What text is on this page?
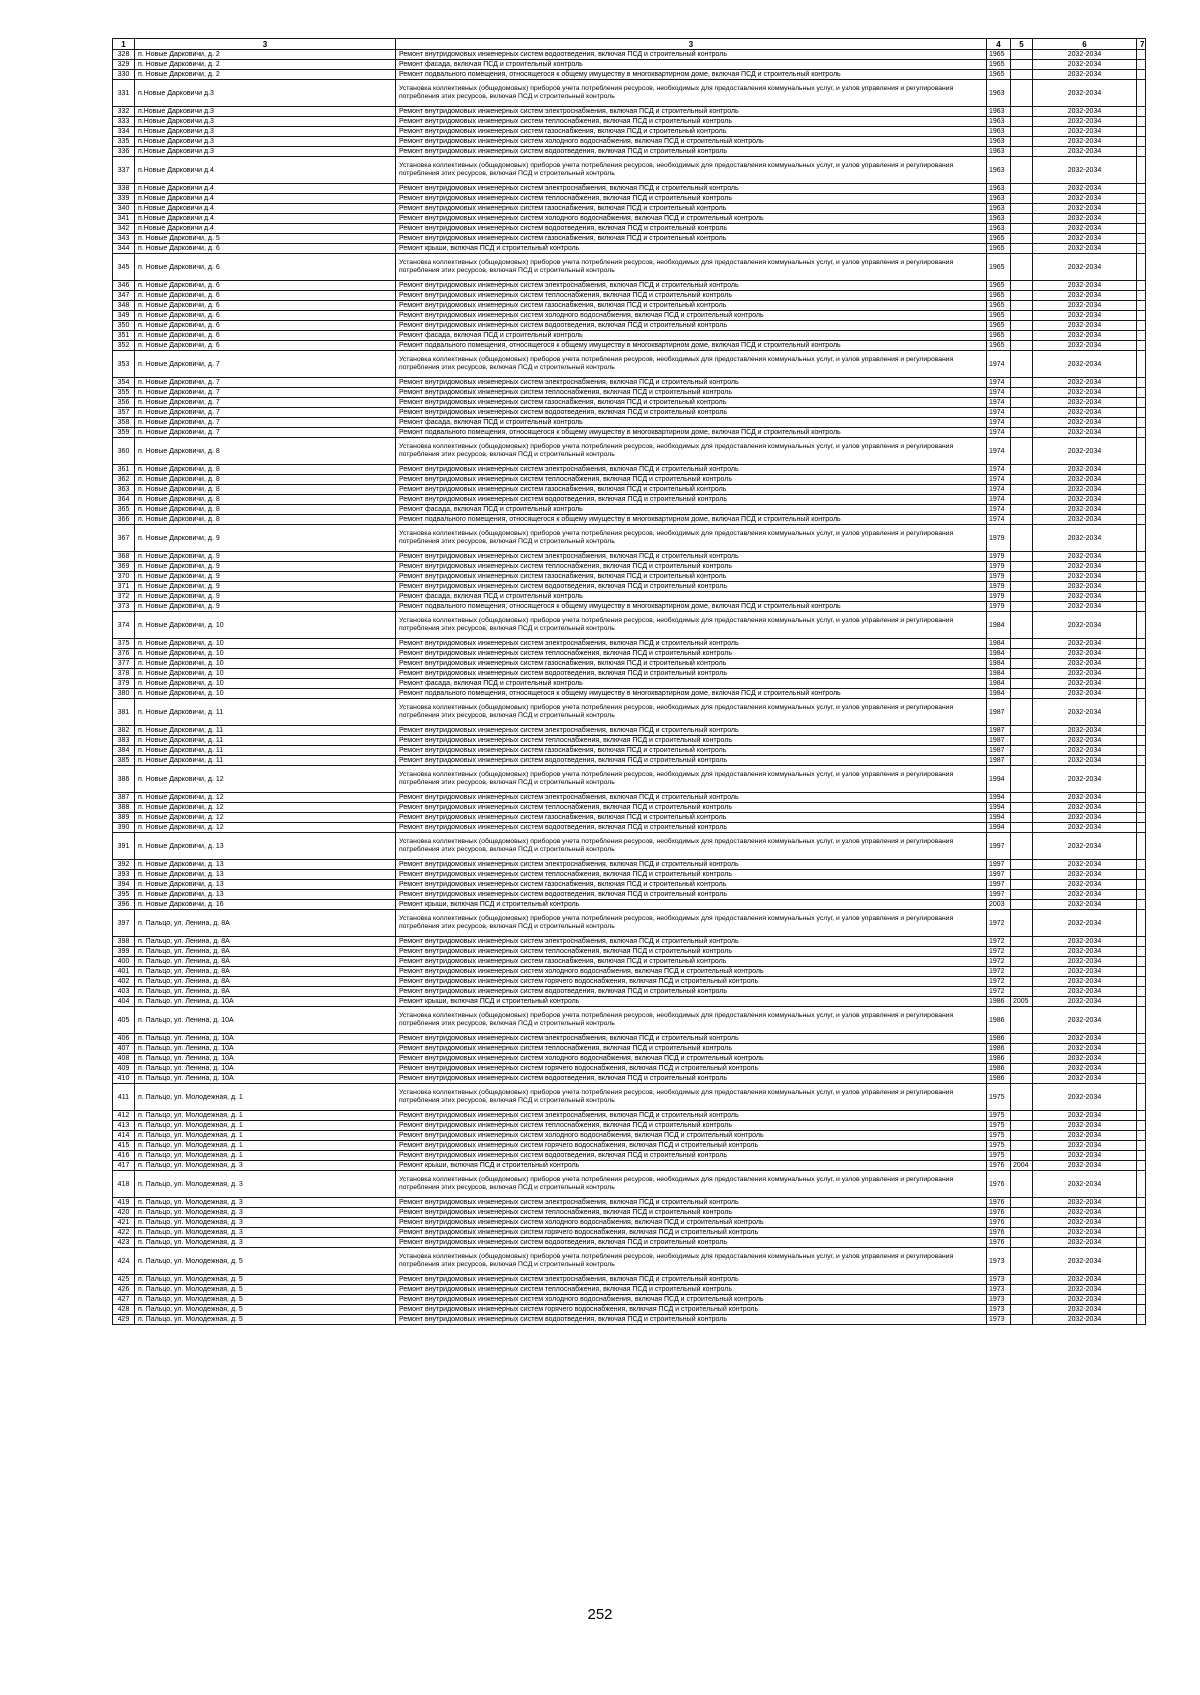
1	3	3	4	5	6	7
328	п. Новые Дарковичи, д. 2	Ремонт внутридомовых инженерных систем водоотведения, включая ПСД и строительный контроль	1965		2032-2034	
329	п. Новые Дарковичи, д. 2	Ремонт фасада, включая ПСД и строительный контроль	1965		2032-2034	
330	п. Новые Дарковичи, д. 2	Ремонт подвального помещения, относящегося к общему имуществу в многоквартирном доме, включая ПСД и строительный контроль	1965		2032-2034	
331	п.Новые Дарковичи д.3	Установка коллективных (общедомовых) приборов учета потребления ресурсов, необходимых для предоставления коммунальных услуг, и узлов управления и регулирования потребления этих ресурсов, включая ПСД и строительный контроль	1963		2032-2034	
332	п.Новые Дарковичи д.3	Ремонт внутридомовых инженерных систем электроснабжения, включая ПСД и строительный контроль	1963		2032-2034	
333	п.Новые Дарковичи д.3	Ремонт внутридомовых инженерных систем теплоснабжения, включая ПСД и строительный контроль	1963		2032-2034	
334	п.Новые Дарковичи д.3	Ремонт внутридомовых инженерных систем газоснабжения, включая ПСД и строительный контроль	1963		2032-2034	
335	п.Новые Дарковичи д.3	Ремонт внутридомовых инженерных систем холодного водоснабжения, включая ПСД и строительный контроль	1963		2032-2034	
336	п.Новые Дарковичи д.3	Ремонт внутридомовых инженерных систем водоотведения, включая ПСД и строительный контроль	1963		2032-2034	
337	п.Новые Дарковичи д.4	Установка коллективных (общедомовых) приборов учета потребления ресурсов, необходимых для предоставления коммунальных услуг, и узлов управления и регулирования потребления этих ресурсов, включая ПСД и строительный контроль	1963		2032-2034	
338	п.Новые Дарковичи д.4	Ремонт внутридомовых инженерных систем электроснабжения, включая ПСД и строительный контроль	1963		2032-2034	
339	п.Новые Дарковичи д.4	Ремонт внутридомовых инженерных систем теплоснабжения, включая ПСД и строительный контроль	1963		2032-2034	
340	п.Новые Дарковичи д.4	Ремонт внутридомовых инженерных систем газоснабжения, включая ПСД и строительный контроль	1963		2032-2034	
341	п.Новые Дарковичи д.4	Ремонт внутридомовых инженерных систем холодного водоснабжения, включая ПСД и строительный контроль	1963		2032-2034	
342	п.Новые Дарковичи д.4	Ремонт внутридомовых инженерных систем водоотведения, включая ПСД и строительный контроль	1963		2032-2034	
343	п. Новые Дарковичи, д. 5	Ремонт внутридомовых инженерных систем газоснабжения, включая ПСД и строительный контроль	1965		2032-2034	
344	п. Новые Дарковичи, д. 6	Ремонт крыши, включая ПСД и строительный контроль	1965		2032-2034	
345	п. Новые Дарковичи, д. 6	Установка коллективных (общедомовых) приборов учета потребления ресурсов, необходимых для предоставления коммунальных услуг, и узлов управления и регулирования потребления этих ресурсов, включая ПСД и строительный контроль	1965		2032-2034	
346	п. Новые Дарковичи, д. 6	Ремонт внутридомовых инженерных систем электроснабжения, включая ПСД и строительный контроль	1965		2032-2034	
347	п. Новые Дарковичи, д. 6	Ремонт внутридомовых инженерных систем теплоснабжения, включая ПСД и строительный контроль	1965		2032-2034	
348	п. Новые Дарковичи, д. 6	Ремонт внутридомовых инженерных систем газоснабжения, включая ПСД и строительный контроль	1965		2032-2034	
349	п. Новые Дарковичи, д. 6	Ремонт внутридомовых инженерных систем холодного водоснабжения, включая ПСД и строительный контроль	1965		2032-2034	
350	п. Новые Дарковичи, д. 6	Ремонт внутридомовых инженерных систем водоотведения, включая ПСД и строительный контроль	1965		2032-2034	
351	п. Новые Дарковичи, д. 6	Ремонт фасада, включая ПСД и строительный контроль	1965		2032-2034	
352	п. Новые Дарковичи, д. 6	Ремонт подвального помещения, относящегося к общему имуществу в многоквартирном доме, включая ПСД и строительный контроль	1965		2032-2034	
353	п. Новые Дарковичи, д. 7	Установка коллективных (общедомовых) приборов учета потребления ресурсов, необходимых для предоставления коммунальных услуг, и узлов управления и регулирования потребления этих ресурсов, включая ПСД и строительный контроль	1974		2032-2034	
354	п. Новые Дарковичи, д. 7	Ремонт внутридомовых инженерных систем электроснабжения, включая ПСД и строительный контроль	1974		2032-2034	
355	п. Новые Дарковичи, д. 7	Ремонт внутридомовых инженерных систем теплоснабжения, включая ПСД и строительный контроль	1974		2032-2034	
356	п. Новые Дарковичи, д. 7	Ремонт внутридомовых инженерных систем газоснабжения, включая ПСД и строительный контроль	1974		2032-2034	
357	п. Новые Дарковичи, д. 7	Ремонт внутридомовых инженерных систем водоотведения, включая ПСД и строительный контроль	1974		2032-2034	
358	п. Новые Дарковичи, д. 7	Ремонт фасада, включая ПСД и строительный контроль	1974		2032-2034	
359	п. Новые Дарковичи, д. 7	Ремонт подвального помещения, относящегося к общему имуществу в многоквартирном доме, включая ПСД и строительный контроль	1974		2032-2034	
360	п. Новые Дарковичи, д. 8	Установка коллективных (общедомовых) приборов учета потребления ресурсов, необходимых для предоставления коммунальных услуг, и узлов управления и регулирования потребления этих ресурсов, включая ПСД и строительный контроль	1974		2032-2034	
361	п. Новые Дарковичи, д. 8	Ремонт внутридомовых инженерных систем электроснабжения, включая ПСД и строительный контроль	1974		2032-2034	
362	п. Новые Дарковичи, д. 8	Ремонт внутридомовых инженерных систем теплоснабжения, включая ПСД и строительный контроль	1974		2032-2034	
363	п. Новые Дарковичи, д. 8	Ремонт внутридомовых инженерных систем газоснабжения, включая ПСД и строительный контроль	1974		2032-2034	
364	п. Новые Дарковичи, д. 8	Ремонт внутридомовых инженерных систем водоотведения, включая ПСД и строительный контроль	1974		2032-2034	
365	п. Новые Дарковичи, д. 8	Ремонт фасада, включая ПСД и строительный контроль	1974		2032-2034	
366	п. Новые Дарковичи, д. 8	Ремонт подвального помещения, относящегося к общему имуществу в многоквартирном доме, включая ПСД и строительный контроль	1974		2032-2034	
367	п. Новые Дарковичи, д. 9	Установка коллективных (общедомовых) приборов учета потребления ресурсов, необходимых для предоставления коммунальных услуг, и узлов управления и регулирования потребления этих ресурсов, включая ПСД и строительный контроль	1979		2032-2034	
368	п. Новые Дарковичи, д. 9	Ремонт внутридомовых инженерных систем электроснабжения, включая ПСД и строительный контроль	1979		2032-2034	
369	п. Новые Дарковичи, д. 9	Ремонт внутридомовых инженерных систем теплоснабжения, включая ПСД и строительный контроль	1979		2032-2034	
370	п. Новые Дарковичи, д. 9	Ремонт внутридомовых инженерных систем газоснабжения, включая ПСД и строительный контроль	1979		2032-2034	
371	п. Новые Дарковичи, д. 9	Ремонт внутридомовых инженерных систем водоотведения, включая ПСД и строительный контроль	1979		2032-2034	
372	п. Новые Дарковичи, д. 9	Ремонт фасада, включая ПСД и строительный контроль	1979		2032-2034	
373	п. Новые Дарковичи, д. 9	Ремонт подвального помещения, относящегося к общему имуществу в многоквартирном доме, включая ПСД и строительный контроль	1979		2032-2034	
374	п. Новые Дарковичи, д. 10	Установка коллективных (общедомовых) приборов учета потребления ресурсов, необходимых для предоставления коммунальных услуг, и узлов управления и регулирования потребления этих ресурсов, включая ПСД и строительный контроль	1984		2032-2034	
375	п. Новые Дарковичи, д. 10	Ремонт внутридомовых инженерных систем электроснабжения, включая ПСД и строительный контроль	1984		2032-2034	
376	п. Новые Дарковичи, д. 10	Ремонт внутридомовых инженерных систем теплоснабжения, включая ПСД и строительный контроль	1984		2032-2034	
377	п. Новые Дарковичи, д. 10	Ремонт внутридомовых инженерных систем газоснабжения, включая ПСД и строительный контроль	1984		2032-2034	
378	п. Новые Дарковичи, д. 10	Ремонт внутридомовых инженерных систем водоотведения, включая ПСД и строительный контроль	1984		2032-2034	
379	п. Новые Дарковичи, д. 10	Ремонт фасада, включая ПСД и строительный контроль	1984		2032-2034	
380	п. Новые Дарковичи, д. 10	Ремонт подвального помещения, относящегося к общему имуществу в многоквартирном доме, включая ПСД и строительный контроль	1984		2032-2034	
381	п. Новые Дарковичи, д. 11	Установка коллективных (общедомовых) приборов учета потребления ресурсов, необходимых для предоставления коммунальных услуг, и узлов управления и регулирования потребления этих ресурсов, включая ПСД и строительный контроль	1987		2032-2034	
382	п. Новые Дарковичи, д. 11	Ремонт внутридомовых инженерных систем электроснабжения, включая ПСД и строительный контроль	1987		2032-2034	
383	п. Новые Дарковичи, д. 11	Ремонт внутридомовых инженерных систем теплоснабжения, включая ПСД и строительный контроль	1987		2032-2034	
384	п. Новые Дарковичи, д. 11	Ремонт внутридомовых инженерных систем газоснабжения, включая ПСД и строительный контроль	1987		2032-2034	
385	п. Новые Дарковичи, д. 11	Ремонт внутридомовых инженерных систем водоотведения, включая ПСД и строительный контроль	1987		2032-2034	
386	п. Новые Дарковичи, д. 12	Установка коллективных (общедомовых) приборов учета потребления ресурсов, необходимых для предоставления коммунальных услуг, и узлов управления и регулирования потребления этих ресурсов, включая ПСД и строительный контроль	1994		2032-2034	
387	п. Новые Дарковичи, д. 12	Ремонт внутридомовых инженерных систем электроснабжения, включая ПСД и строительный контроль	1994		2032-2034	
388	п. Новые Дарковичи, д. 12	Ремонт внутридомовых инженерных систем теплоснабжения, включая ПСД и строительный контроль	1994		2032-2034	
389	п. Новые Дарковичи, д. 12	Ремонт внутридомовых инженерных систем газоснабжения, включая ПСД и строительный контроль	1994		2032-2034	
390	п. Новые Дарковичи, д. 12	Ремонт внутридомовых инженерных систем водоотведения, включая ПСД и строительный контроль	1994		2032-2034	
391	п. Новые Дарковичи, д. 13	Установка коллективных (общедомовых) приборов учета потребления ресурсов, необходимых для предоставления коммунальных услуг, и узлов управления и регулирования потребления этих ресурсов, включая ПСД и строительный контроль	1997		2032-2034	
392	п. Новые Дарковичи, д. 13	Ремонт внутридомовых инженерных систем электроснабжения, включая ПСД и строительный контроль	1997		2032-2034	
393	п. Новые Дарковичи, д. 13	Ремонт внутридомовых инженерных систем теплоснабжения, включая ПСД и строительный контроль	1997		2032-2034	
394	п. Новые Дарковичи, д. 13	Ремонт внутридомовых инженерных систем газоснабжения, включая ПСД и строительный контроль	1997		2032-2034	
395	п. Новые Дарковичи, д. 13	Ремонт внутридомовых инженерных систем водоотведения, включая ПСД и строительный контроль	1997		2032-2034	
396	п. Новые Дарковичи, д. 16	Ремонт крыши, включая ПСД и строительный контроль	2003		2032-2034	
397	п. Пальцо, ул. Ленина, д. 8А	Установка коллективных (общедомовых) приборов учета потребления ресурсов, необходимых для предоставления коммунальных услуг, и узлов управления и регулирования потребления этих ресурсов, включая ПСД и строительный контроль	1972		2032-2034	
398	п. Пальцо, ул. Ленина, д. 8А	Ремонт внутридомовых инженерных систем электроснабжения, включая ПСД и строительный контроль	1972		2032-2034	
399	п. Пальцо, ул. Ленина, д. 8А	Ремонт внутридомовых инженерных систем теплоснабжения, включая ПСД и строительный контроль	1972		2032-2034	
400	п. Пальцо, ул. Ленина, д. 8А	Ремонт внутридомовых инженерных систем газоснабжения, включая ПСД и строительный контроль	1972		2032-2034	
401	п. Пальцо, ул. Ленина, д. 8А	Ремонт внутридомовых инженерных систем холодного водоснабжения, включая ПСД и строительный контроль	1972		2032-2034	
402	п. Пальцо, ул. Ленина, д. 8А	Ремонт внутридомовых инженерных систем горячего водоснабжения, включая ПСД и строительный контроль	1972		2032-2034	
403	п. Пальцо, ул. Ленина, д. 8А	Ремонт внутридомовых инженерных систем водоотведения, включая ПСД и строительный контроль	1972		2032-2034	
404	п. Пальцо, ул. Ленина, д. 10А	Ремонт крыши, включая ПСД и строительный контроль	1986	2005	2032-2034	
405	п. Пальцо, ул. Ленина, д. 10А	Установка коллективных (общедомовых) приборов учета потребления ресурсов, необходимых для предоставления коммунальных услуг, и узлов управления и регулирования потребления этих ресурсов, включая ПСД и строительный контроль	1986		2032-2034	
406	п. Пальцо, ул. Ленина, д. 10А	Ремонт внутридомовых инженерных систем электроснабжения, включая ПСД и строительный контроль	1986		2032-2034	
407	п. Пальцо, ул. Ленина, д. 10А	Ремонт внутридомовых инженерных систем теплоснабжения, включая ПСД и строительный контроль	1986		2032-2034	
408	п. Пальцо, ул. Ленина, д. 10А	Ремонт внутридомовых инженерных систем холодного водоснабжения, включая ПСД и строительный контроль	1986		2032-2034	
409	п. Пальцо, ул. Ленина, д. 10А	Ремонт внутридомовых инженерных систем горячего водоснабжения, включая ПСД и строительный контроль	1986		2032-2034	
410	п. Пальцо, ул. Ленина, д. 10А	Ремонт внутридомовых инженерных систем водоотведения, включая ПСД и строительный контроль	1986		2032-2034	
411	п. Пальцо, ул. Молодежная, д. 1	Установка коллективных (общедомовых) приборов учета потребления ресурсов, необходимых для предоставления коммунальных услуг, и узлов управления и регулирования потребления этих ресурсов, включая ПСД и строительный контроль	1975		2032-2034	
412	п. Пальцо, ул. Молодежная, д. 1	Ремонт внутридомовых инженерных систем электроснабжения, включая ПСД и строительный контроль	1975		2032-2034	
413	п. Пальцо, ул. Молодежная, д. 1	Ремонт внутридомовых инженерных систем теплоснабжения, включая ПСД и строительный контроль	1975		2032-2034	
414	п. Пальцо, ул. Молодежная, д. 1	Ремонт внутридомовых инженерных систем холодного водоснабжения, включая ПСД и строительный контроль	1975		2032-2034	
415	п. Пальцо, ул. Молодежная, д. 1	Ремонт внутридомовых инженерных систем горячего водоснабжения, включая ПСД и строительный контроль	1975		2032-2034	
416	п. Пальцо, ул. Молодежная, д. 1	Ремонт внутридомовых инженерных систем водоотведения, включая ПСД и строительный контроль	1975		2032-2034	
417	п. Пальцо, ул. Молодежная, д. 3	Ремонт крыши, включая ПСД и строительный контроль	1976	2004	2032-2034	
418	п. Пальцо, ул. Молодежная, д. 3	Установка коллективных (общедомовых) приборов учета потребления ресурсов, необходимых для предоставления коммунальных услуг, и узлов управления и регулирования потребления этих ресурсов, включая ПСД и строительный контроль	1976		2032-2034	
419	п. Пальцо, ул. Молодежная, д. 3	Ремонт внутридомовых инженерных систем электроснабжения, включая ПСД и строительный контроль	1976		2032-2034	
420	п. Пальцо, ул. Молодежная, д. 3	Ремонт внутридомовых инженерных систем теплоснабжения, включая ПСД и строительный контроль	1976		2032-2034	
421	п. Пальцо, ул. Молодежная, д. 3	Ремонт внутридомовых инженерных систем холодного водоснабжения, включая ПСД и строительный контроль	1976		2032-2034	
422	п. Пальцо, ул. Молодежная, д. 3	Ремонт внутридомовых инженерных систем горячего водоснабжения, включая ПСД и строительный контроль	1976		2032-2034	
423	п. Пальцо, ул. Молодежная, д. 3	Ремонт внутридомовых инженерных систем водоотведения, включая ПСД и строительный контроль	1976		2032-2034	
424	п. Пальцо, ул. Молодежная, д. 5	Установка коллективных (общедомовых) приборов учета потребления ресурсов, необходимых для предоставления коммунальных услуг, и узлов управления и регулирования потребления этих ресурсов, включая ПСД и строительный контроль	1973		2032-2034	
425	п. Пальцо, ул. Молодежная, д. 5	Ремонт внутридомовых инженерных систем электроснабжения, включая ПСД и строительный контроль	1973		2032-2034	
426	п. Пальцо, ул. Молодежная, д. 5	Ремонт внутридомовых инженерных систем теплоснабжения, включая ПСД и строительный контроль	1973		2032-2034	
427	п. Пальцо, ул. Молодежная, д. 5	Ремонт внутридомовых инженерных систем холодного водоснабжения, включая ПСД и строительный контроль	1973		2032-2034	
428	п. Пальцо, ул. Молодежная, д. 5	Ремонт внутридомовых инженерных систем горячего водоснабжения, включая ПСД и строительный контроль	1973		2032-2034	
429	п. Пальцо, ул. Молодежная, д. 5	Ремонт внутридомовых инженерных систем водоотведения, включая ПСД и строительный контроль	1973		2032-2034	
252
